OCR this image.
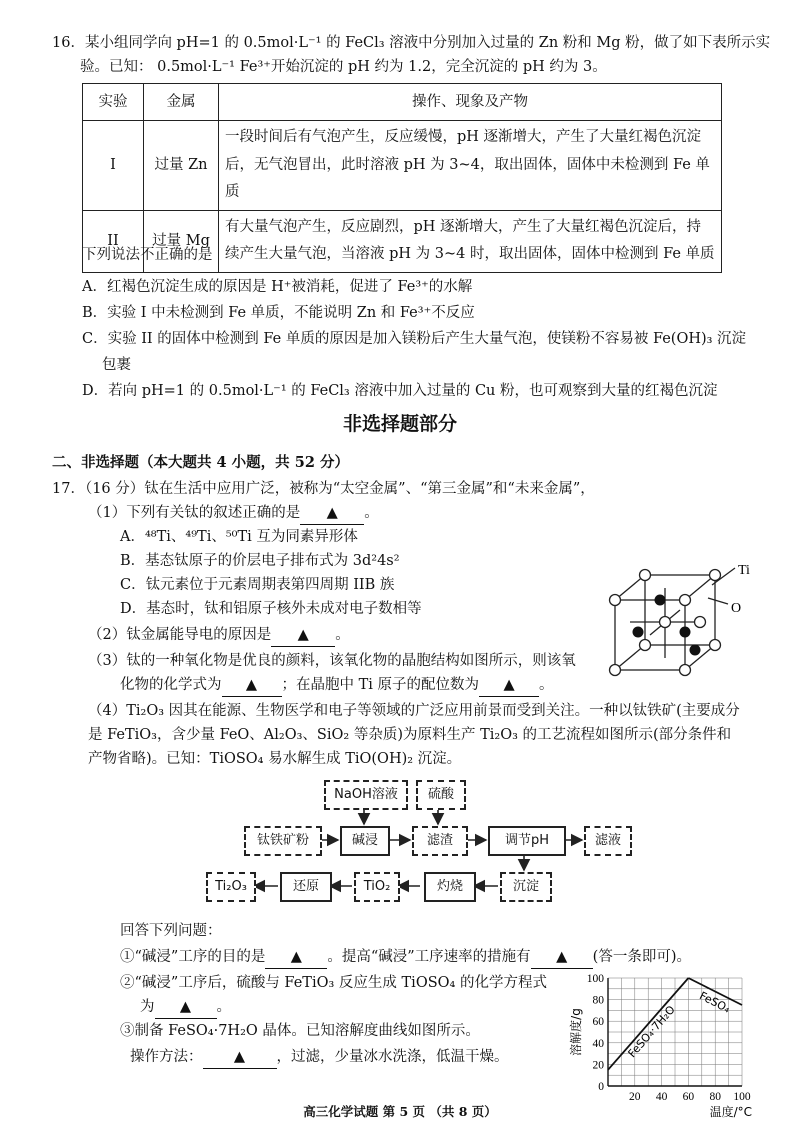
16．某小组同学向 pH=1 的 0.5mol·L⁻¹ 的 FeCl₃ 溶液中分别加入过量的 Zn 粉和 Mg 粉，做了如下表所示实
验。已知： 0.5mol·L⁻¹ Fe³⁺开始沉淀的 pH 约为 1.2，完全沉淀的 pH 约为 3。
实验	金属	操作、现象及产物
I	过量 Zn	一段时间后有气泡产生，反应缓慢，pH 逐渐增大，产生了大量红褐色沉淀后，无气泡冒出，此时溶液 pH 为 3~4，取出固体，固体中未检测到 Fe 单质
II	过量 Mg	有大量气泡产生，反应剧烈，pH 逐渐增大，产生了大量红褐色沉淀后，持续产生大量气泡，当溶液 pH 为 3~4 时，取出固体，固体中检测到 Fe 单质
下列说法不正确的是
A．红褐色沉淀生成的原因是 H⁺被消耗，促进了 Fe³⁺的水解
B．实验 I 中未检测到 Fe 单质，不能说明 Zn 和 Fe³⁺不反应
C．实验 II 的固体中检测到 Fe 单质的原因是加入镁粉后产生大量气泡，使镁粉不容易被 Fe(OH)₃ 沉淀
包裹
D．若向 pH=1 的 0.5mol·L⁻¹ 的 FeCl₃ 溶液中加入过量的 Cu 粉，也可观察到大量的红褐色沉淀
非选择题部分
二、非选择题（本大题共 4 小题，共 52 分）
17．（16 分）钛在生活中应用广泛，被称为“太空金属”、“第三金属”和“未来金属”，
（1）下列有关钛的叙述正确的是 ▲ 。
A．⁴⁸Ti、⁴⁹Ti、⁵⁰Ti 互为同素异形体
B．基态钛原子的价层电子排布式为 3d²4s²
C．钛元素位于元素周期表第四周期 IIB 族
D．基态时，钛和铝原子核外未成对电子数相等
（2）钛金属能导电的原因是 ▲ 。
（3）钛的一种氧化物是优良的颜料，该氧化物的晶胞结构如图所示，则该氧
化物的化学式为 ▲ ；在晶胞中 Ti 原子的配位数为 ▲ 。
Ti
O
（4）Ti₂O₃ 因其在能源、生物医学和电子等领域的广泛应用前景而受到关注。一种以钛铁矿(主要成分
是 FeTiO₃，含少量 FeO、Al₂O₃、SiO₂ 等杂质)为原料生产 Ti₂O₃ 的工艺流程如图所示(部分条件和
产物省略)。已知：TiOSO₄ 易水解生成 TiO(OH)₂ 沉淀。
NaOH溶液	硫酸
钛铁矿粉	碱浸	滤渣	调节pH	滤液
沉淀
灼烧
TiO₂
还原
Ti₂O₃
回答下列问题：
①“碱浸”工序的目的是 ▲ 。提高“碱浸”工序速率的措施有 ▲ (答一条即可)。
②“碱浸”工序后，硫酸与 FeTiO₃ 反应生成 TiOSO₄ 的化学方程式
为 ▲ 。
③制备 FeSO₄·7H₂O 晶体。已知溶解度曲线如图所示。
操作方法： ▲ ，过滤，少量冰水洗涤，低温干燥。
0
20
40
60
80
100
20 40 60 80 100
温度/°C
溶解度/g	FeSO₄·7H₂O
FeSO₄
高三化学试题 第 5 页 （共 8 页）
